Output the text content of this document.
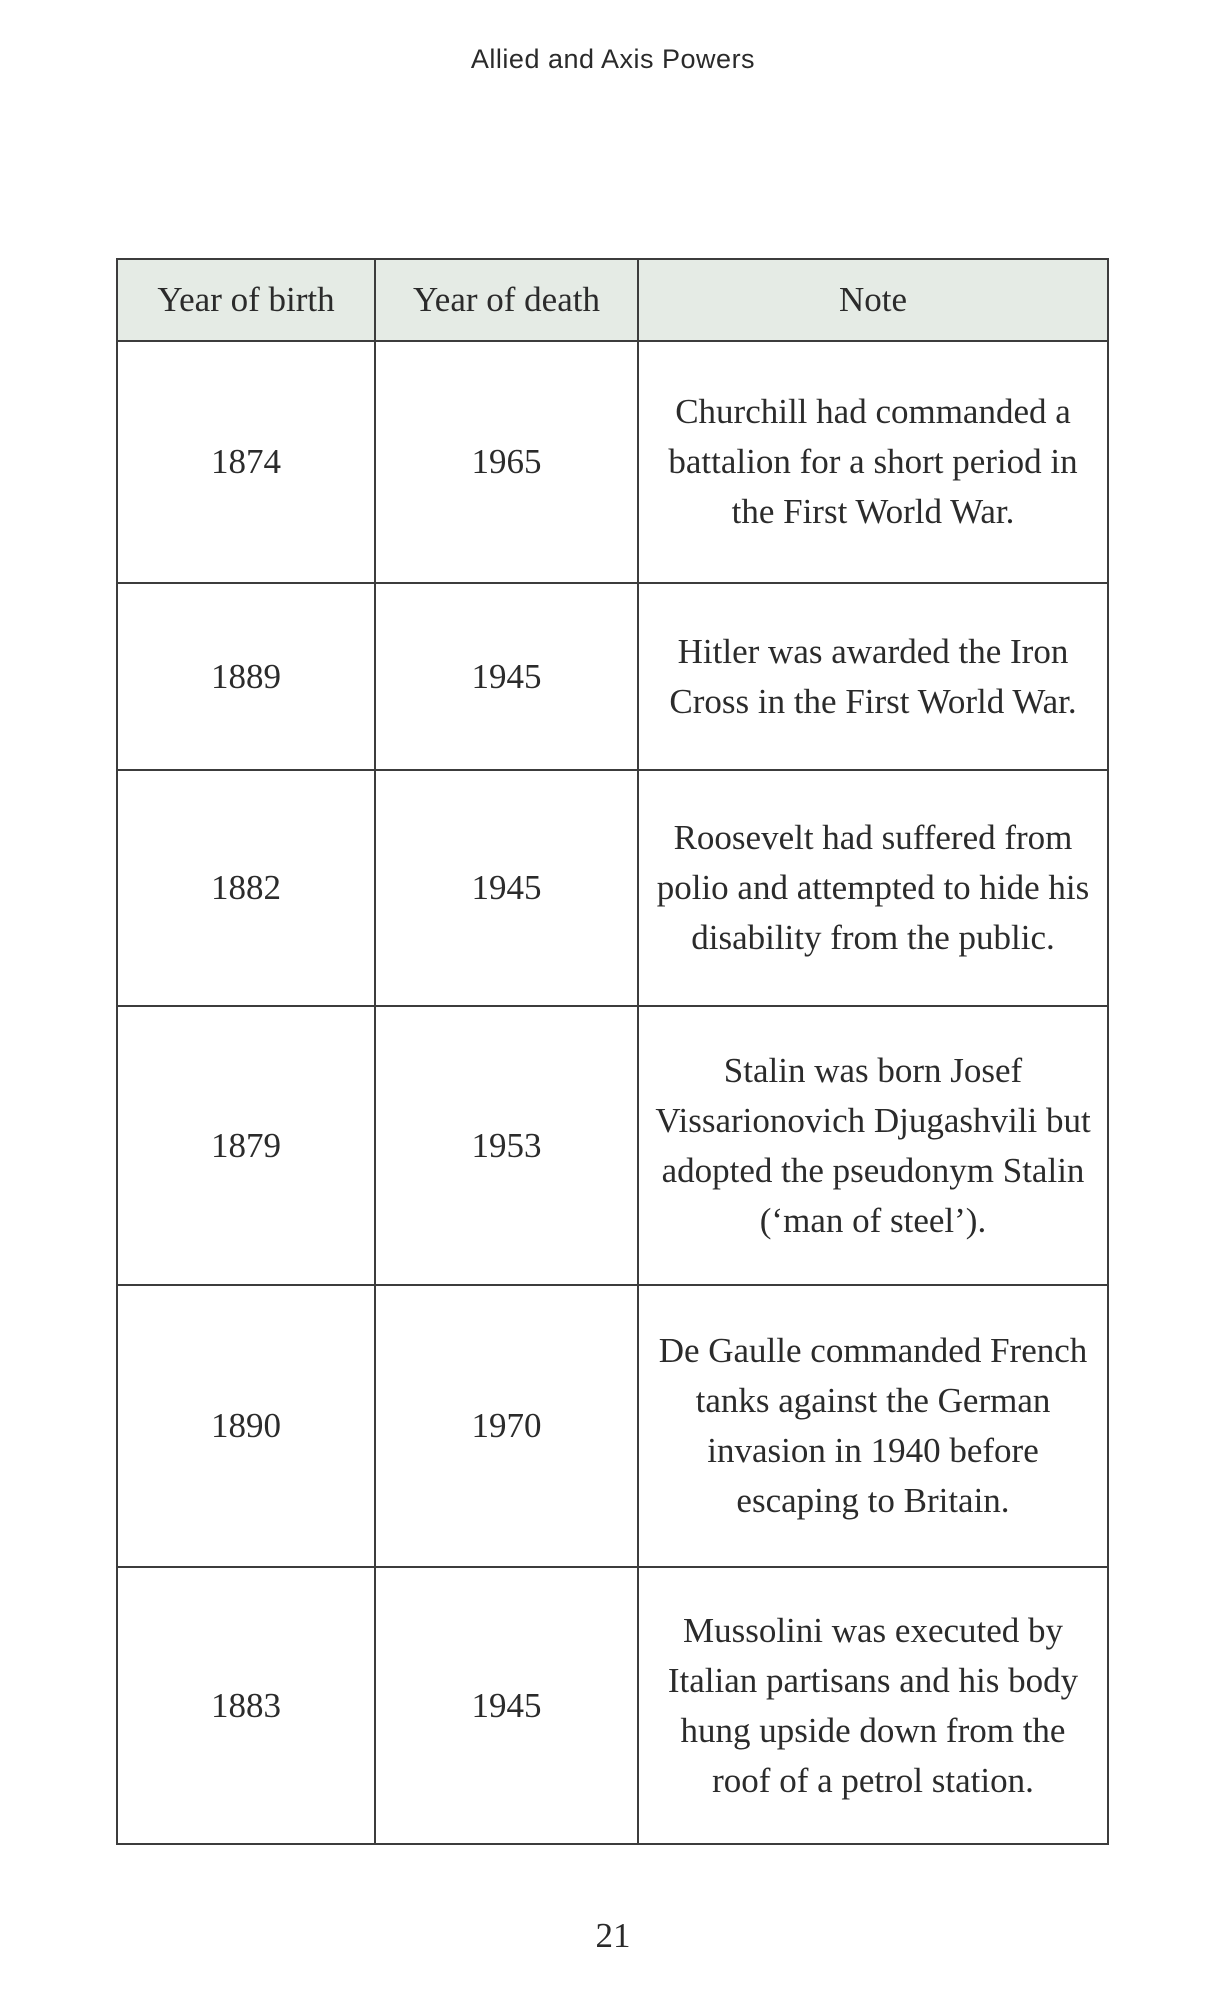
Allied and Axis Powers
Year of birth	Year of death	Note
1874	1965	Churchill had commanded a battalion for a short period in the First World War.
1889	1945	Hitler was awarded the Iron Cross in the First World War.
1882	1945	Roosevelt had suffered from polio and attempted to hide his disability from the public.
1879	1953	Stalin was born Josef Vissarionovich Djugashvili but adopted the pseudonym Stalin (‘man of steel’).
1890	1970	De Gaulle commanded French tanks against the German invasion in 1940 before escaping to Britain.
1883	1945	Mussolini was executed by Italian partisans and his body hung upside down from the roof of a petrol station.
21
